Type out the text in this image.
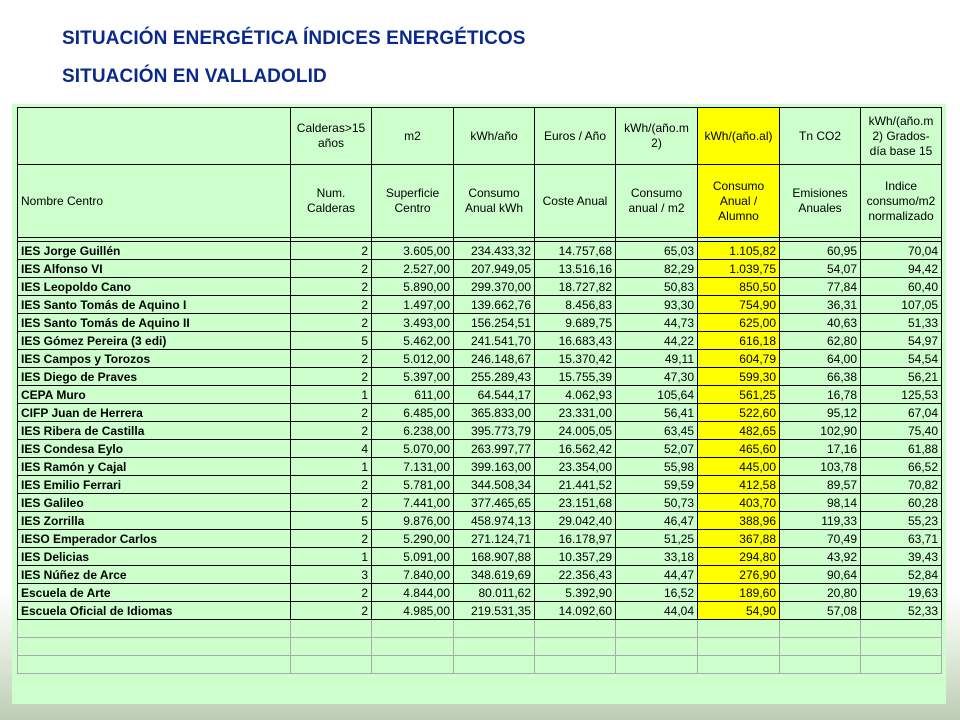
SITUACIÓN ENERGÉTICA ÍNDICES ENERGÉTICOS
SITUACIÓN EN VALLADOLID
	Calderas>15 años	m2	kWh/año	Euros / Año	kWh/(año.m 2)	kWh/(año.al)	Tn CO2	kWh/(año.m 2) Grados-día base 15
Nombre Centro	Num. Calderas	Superficie Centro	Consumo Anual kWh	Coste Anual	Consumo anual / m2	Consumo Anual / Alumno	Emisiones Anuales	Indice consumo/m2 normalizado

IES Jorge Guillén	2	3.605,00	234.433,32	14.757,68	65,03	1.105,82	60,95	70,04
IES Alfonso VI	2	2.527,00	207.949,05	13.516,16	82,29	1.039,75	54,07	94,42
IES Leopoldo Cano	2	5.890,00	299.370,00	18.727,82	50,83	850,50	77,84	60,40
IES Santo Tomás de Aquino I	2	1.497,00	139.662,76	8.456,83	93,30	754,90	36,31	107,05
IES Santo Tomás de Aquino II	2	3.493,00	156.254,51	9.689,75	44,73	625,00	40,63	51,33
IES Gómez Pereira (3 edi)	5	5.462,00	241.541,70	16.683,43	44,22	616,18	62,80	54,97
IES Campos y Torozos	2	5.012,00	246.148,67	15.370,42	49,11	604,79	64,00	54,54
IES Diego de Praves	2	5.397,00	255.289,43	15.755,39	47,30	599,30	66,38	56,21
CEPA Muro	1	611,00	64.544,17	4.062,93	105,64	561,25	16,78	125,53
CIFP Juan de Herrera	2	6.485,00	365.833,00	23.331,00	56,41	522,60	95,12	67,04
IES Ribera de Castilla	2	6.238,00	395.773,79	24.005,05	63,45	482,65	102,90	75,40
IES Condesa Eylo	4	5.070,00	263.997,77	16.562,42	52,07	465,60	17,16	61,88
IES Ramón y Cajal	1	7.131,00	399.163,00	23.354,00	55,98	445,00	103,78	66,52
IES Emilio Ferrari	2	5.781,00	344.508,34	21.441,52	59,59	412,58	89,57	70,82
IES Galileo	2	7.441,00	377.465,65	23.151,68	50,73	403,70	98,14	60,28
IES Zorrilla	5	9.876,00	458.974,13	29.042,40	46,47	388,96	119,33	55,23
IESO Emperador Carlos	2	5.290,00	271.124,71	16.178,97	51,25	367,88	70,49	63,71
IES Delicias	1	5.091,00	168.907,88	10.357,29	33,18	294,80	43,92	39,43
IES Núñez de Arce	3	7.840,00	348.619,69	22.356,43	44,47	276,90	90,64	52,84
Escuela de Arte	2	4.844,00	80.011,62	5.392,90	16,52	189,60	20,80	19,63
Escuela Oficial de Idiomas	2	4.985,00	219.531,35	14.092,60	44,04	54,90	57,08	52,33
